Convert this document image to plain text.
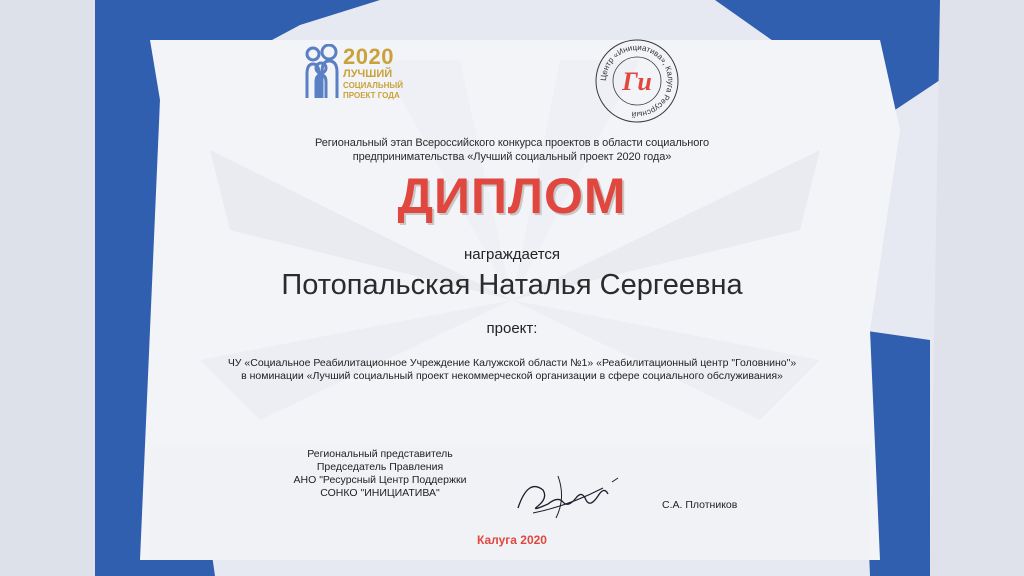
2020
ЛУЧШИЙ
СОЦИАЛЬНЫЙ
ПРОЕКТ ГОДА
Центр «Инициатива», Калуга Ресурсный
Ги
Региональный этап Всероссийского конкурса проектов в области социального
предпринимательства «Лучший социальный проект 2020 года»
ДИПЛОМ
награждается
Потопальская Наталья Сергеевна
проект:
ЧУ «Социальное Реабилитационное Учреждение Калужской области №1» «Реабилитационный центр "Головнино"»
в номинации «Лучший социальный проект некоммерческой организации в сфере социального обслуживания»
Региональный представитель
Председатель Правления
АНО "Ресурсный Центр Поддержки
СОНКО "ИНИЦИАТИВА"
С.А. Плотников
Калуга 2020
